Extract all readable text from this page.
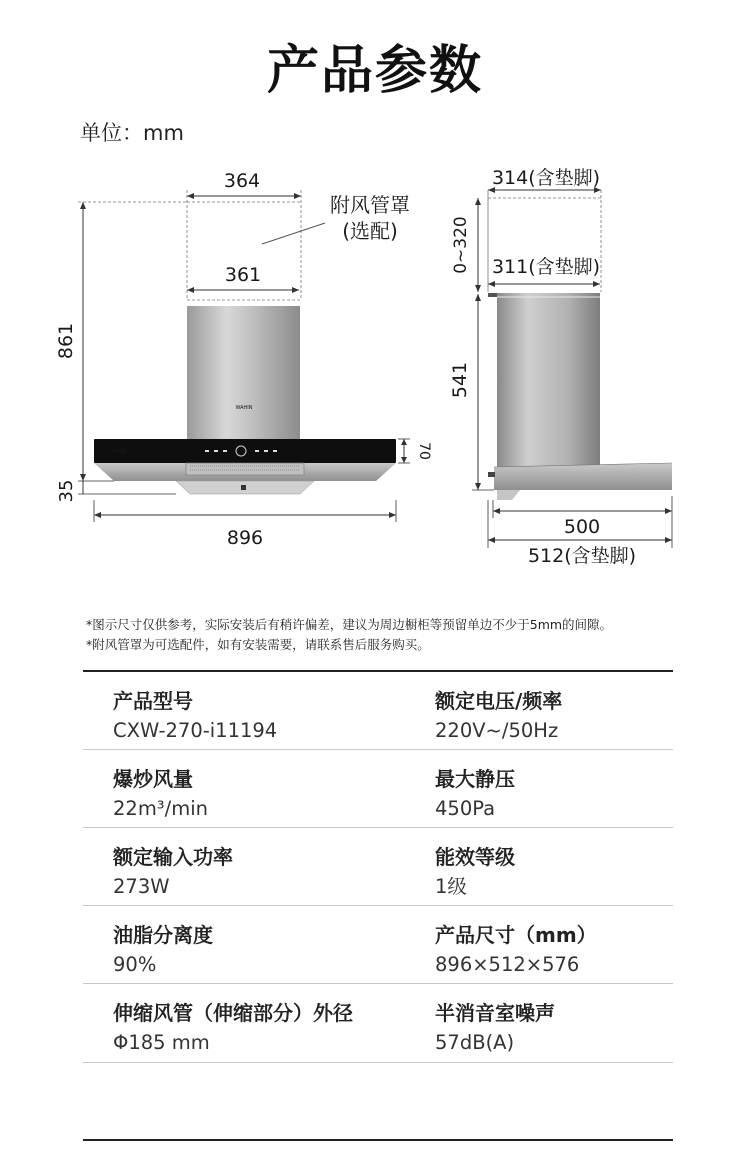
产品参数
单位：mm
364
附风管罩
(选配)
361
WAHIN
WAHIN	70
861
35
896
314(含垫脚)
0~320 311(含垫脚)
541
500
512(含垫脚)
*图示尺寸仅供参考，实际安装后有稍许偏差，建议为周边橱柜等预留单边不少于5mm的间隙。
*附风管罩为可选配件，如有安装需要，请联系售后服务购买。
产品型号
CXW-270-i11194
额定电压/频率
220V~/50Hz
爆炒风量
22m³/min
最大静压
450Pa
额定输入功率
273W
能效等级
1级
油脂分离度
90%
产品尺寸（mm）
896×512×576
伸缩风管（伸缩部分）外径
Φ185 mm
半消音室噪声
57dB(A)
